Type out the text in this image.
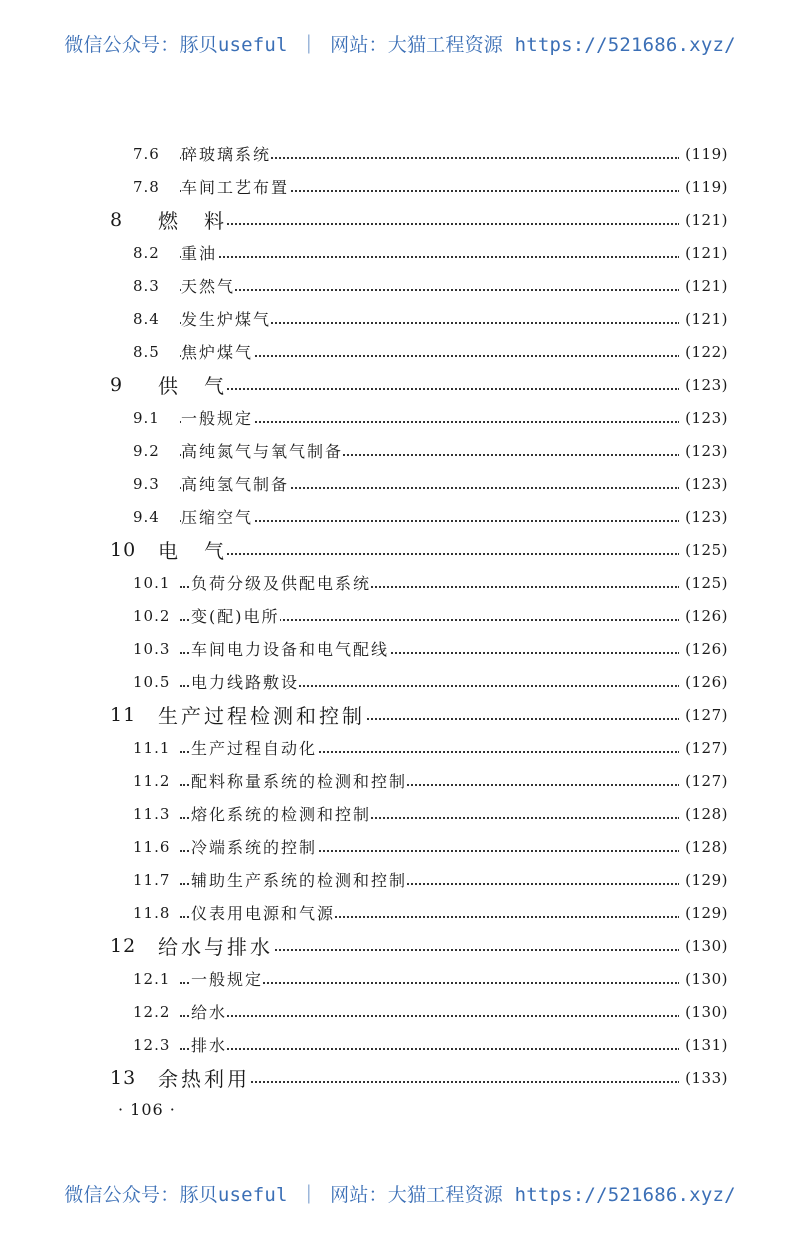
微信公众号：豚贝useful ｜ 网站：大猫工程资源 https://521686.xyz/
7.6 碎玻璃系统	(119)
7.8 车间工艺布置	(119)
8 燃　料	(121)
8.2 重油	(121)
8.3 天然气	(121)
8.4 发生炉煤气	(121)
8.5 焦炉煤气	(122)
9 供　气	(123)
9.1 一般规定	(123)
9.2 高纯氮气与氧气制备	(123)
9.3 高纯氢气制备	(123)
9.4 压缩空气	(123)
10 电　气	(125)
10.1 负荷分级及供配电系统	(125)
10.2 变(配)电所	(126)
10.3 车间电力设备和电气配线	(126)
10.5 电力线路敷设	(126)
11 生产过程检测和控制	(127)
11.1 生产过程自动化	(127)
11.2 配料称量系统的检测和控制	(127)
11.3 熔化系统的检测和控制	(128)
11.6 冷端系统的控制	(128)
11.7 辅助生产系统的检测和控制	(129)
11.8 仪表用电源和气源	(129)
12 给水与排水	(130)
12.1 一般规定	(130)
12.2 给水	(130)
12.3 排水	(131)
13 余热利用	(133)
· 106 ·
微信公众号：豚贝useful ｜ 网站：大猫工程资源 https://521686.xyz/
